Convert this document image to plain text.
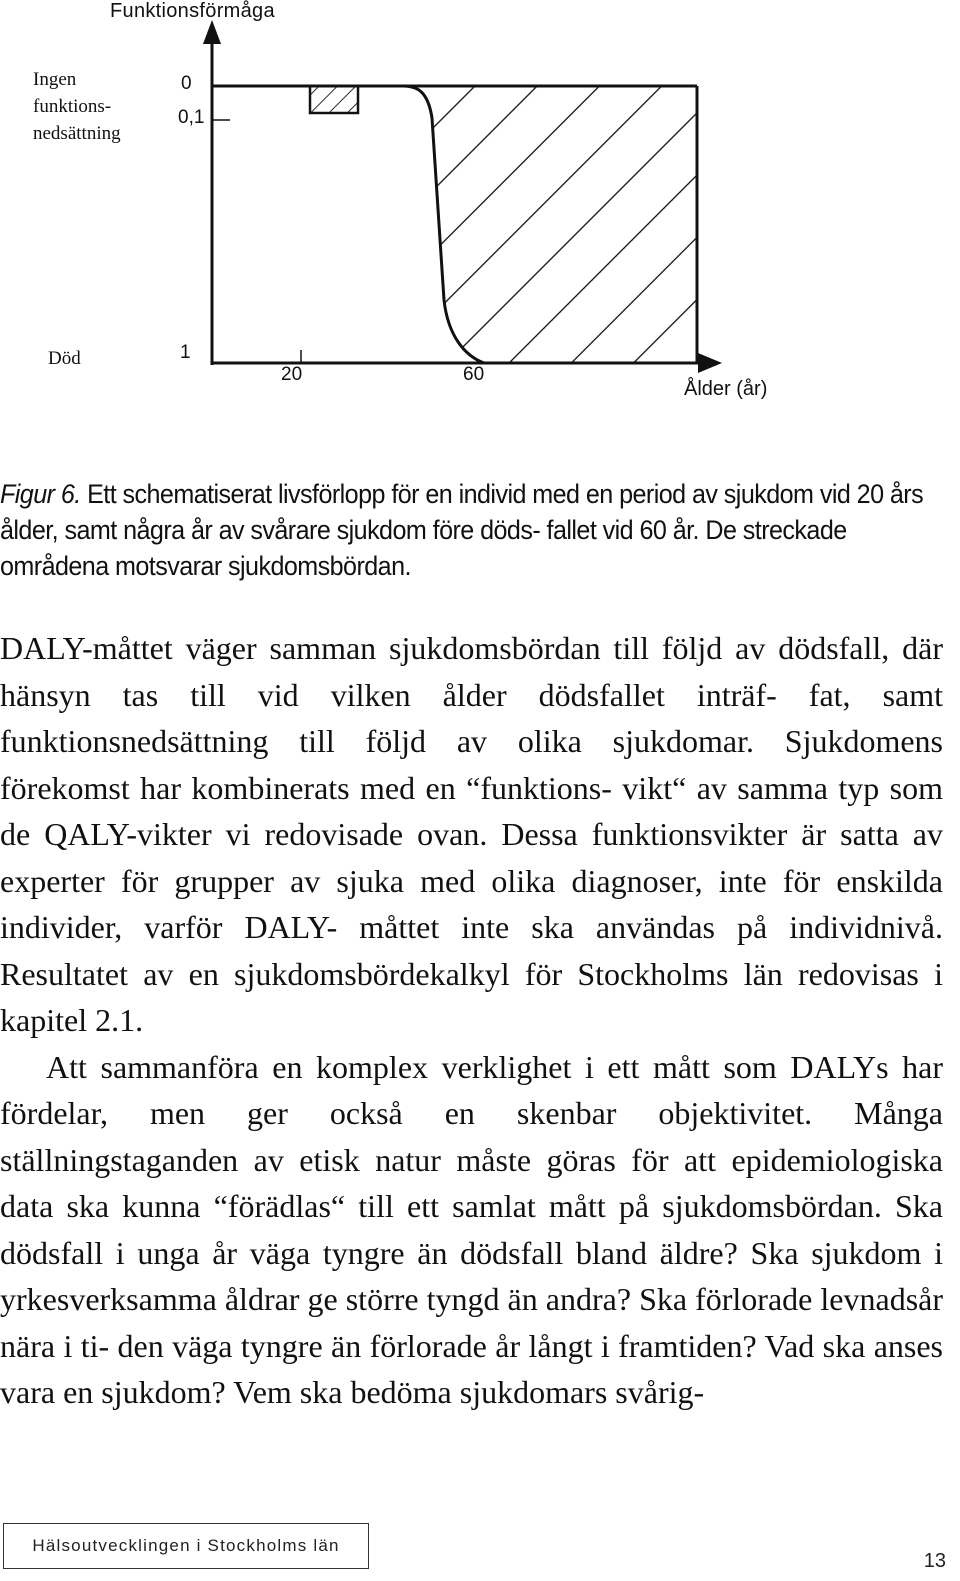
Funktionsförmåga
Ingen
funktions-
nedsättning
0
0,1
Död	1
20	60
Ålder (år)
Figur 6. Ett schematiserat livsförlopp för en individ med en period av sjukdom vid 20 års ålder, samt några år av svårare sjukdom före döds- fallet vid 60 år. De streckade områdena motsvarar sjukdomsbördan.

DALY-måttet väger samman sjukdomsbördan till följd av dödsfall, där hänsyn tas till vid vilken ålder dödsfallet inträf- fat, samt funktionsnedsättning till följd av olika sjukdomar. Sjukdomens förekomst har kombinerats med en “funktions- vikt“ av samma typ som de QALY-vikter vi redovisade ovan. Dessa funktionsvikter är satta av experter för grupper av sjuka med olika diagnoser, inte för enskilda individer, varför DALY- måttet inte ska användas på individnivå. Resultatet av en sjukdomsbördekalkyl för Stockholms län redovisas i kapitel 2.1.

Att sammanföra en komplex verklighet i ett mått som DALYs har fördelar, men ger också en skenbar objektivitet. Många ställningstaganden av etisk natur måste göras för att epidemiologiska data ska kunna “förädlas“ till ett samlat mått på sjukdomsbördan. Ska dödsfall i unga år väga tyngre än dödsfall bland äldre? Ska sjukdom i yrkesverksamma åldrar ge större tyngd än andra? Ska förlorade levnadsår nära i ti- den väga tyngre än förlorade år långt i framtiden? Vad ska anses vara en sjukdom? Vem ska bedöma sjukdomars svårig-

Hälsoutvecklingen i Stockholms län
13
